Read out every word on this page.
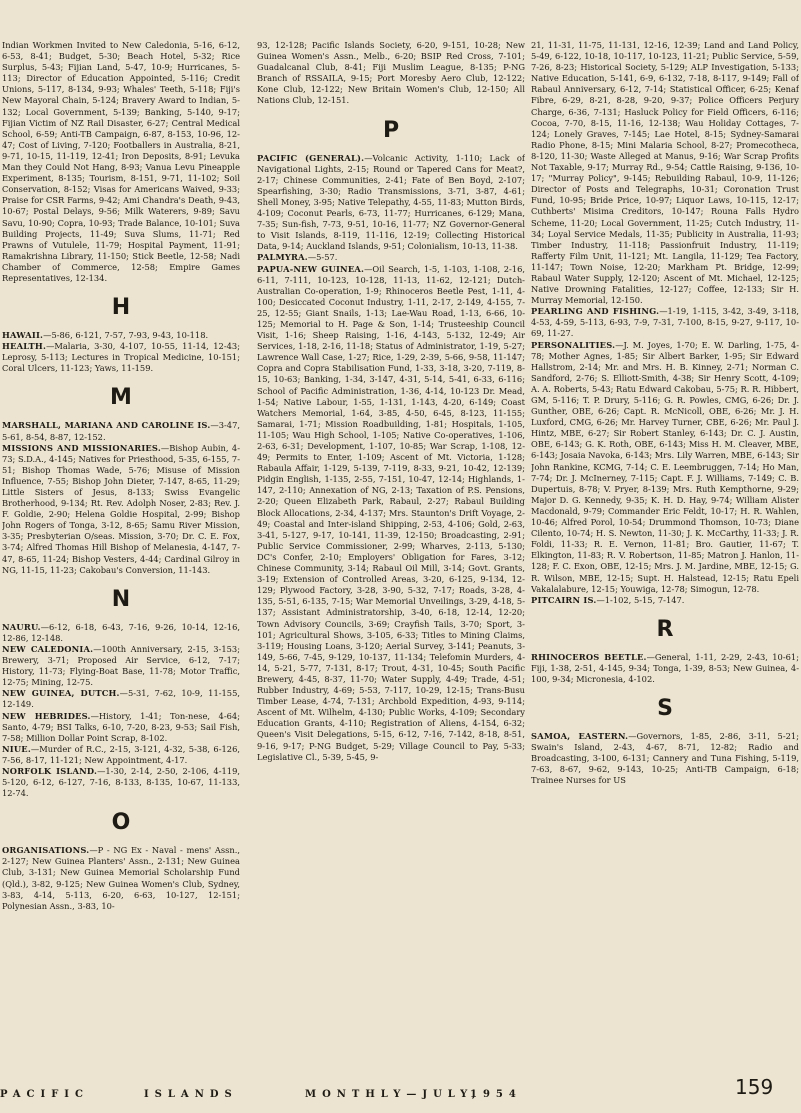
Indian Workmen Invited to New Caledonia, 5-16, 6-12, 6-53, 8-41; Budget, 5-30; Beach Hotel, 5-32; Rice Surplus, 5-43; Fijian Land, 5-47, 10-9; Hurricanes, 5-113; Director of Education Appointed, 5-116; Credit Unions, 5-117, 8-134, 9-93; Whales' Teeth, 5-118; Fiji's New Mayoral Chain, 5-124; Bravery Award to Indian, 5-132; Local Government, 5-139; Banking, 5-140, 9-17; Fijian Victim of NZ Rail Disaster, 6-27; Central Medical School, 6-59; Anti-TB Campaign, 6-87, 8-153, 10-96, 12-47; Cost of Living, 7-120; Footballers in Australia, 8-21, 9-71, 10-15, 11-119, 12-41; Iron Deposits, 8-91; Levuka Man they Could Not Hang, 8-93; Vanua Levu Pineapple Experiment, 8-135; Tourism, 8-151, 9-71, 11-102; Soil Conservation, 8-152; Visas for Americans Waived, 9-33; Praise for CSR Farms, 9-42; Ami Chandra's Death, 9-43, 10-67; Postal Delays, 9-56; Milk Waterers, 9-89; Savu Savu, 10-90; Copra, 10-93; Trade Balance, 10-101; Suva Building Projects, 11-49; Suva Slums, 11-71; Red Prawns of Vutulele, 11-79; Hospital Payment, 11-91; Ramakrishna Library, 11-150; Stick Beetle, 12-58; Nadi Chamber of Commerce, 12-58; Empire Games Representatives, 12-134.

H

HAWAII.—5-86, 6-121, 7-57, 7-93, 9-43, 10-118.

HEALTH.—Malaria, 3-30, 4-107, 10-55, 11-14, 12-43; Leprosy, 5-113; Lectures in Tropical Medicine, 10-151; Coral Ulcers, 11-123; Yaws, 11-159.

M

MARSHALL, MARIANA AND CAROLINE IS.—3-47, 5-61, 8-54, 8-87, 12-152.

MISSIONS AND MISSIONARIES.—Bishop Aubin, 4-73; S.D.A., 4-145; Natives for Priesthood, 5-35, 6-155, 7-51; Bishop Thomas Wade, 5-76; Misuse of Mission Influence, 7-55; Bishop John Dieter, 7-147, 8-65, 11-29; Little Sisters of Jesus, 8-133; Swiss Evangelic Brotherhood, 9-134; Rt. Rev. Adolph Noser, 2-83; Rev. J. F. Goldie, 2-90; Helena Goldie Hospital, 2-99; Bishop John Rogers of Tonga, 3-12, 8-65; Samu River Mission, 3-35; Presbyterian O/seas. Mission, 3-70; Dr. C. E. Fox, 3-74; Alfred Thomas Hill Bishop of Melanesia, 4-147, 7-47, 8-65, 11-24; Bishop Vesters, 4-44; Cardinal Gilroy in NG, 11-15, 11-23; Cakobau's Conversion, 11-143.

N

NAURU.—6-12, 6-18, 6-43, 7-16, 9-26, 10-14, 12-16, 12-86, 12-148.

NEW CALEDONIA.—100th Anniversary, 2-15, 3-153; Brewery, 3-71; Proposed Air Service, 6-12, 7-17; History, 11-73; Flying-Boat Base, 11-78; Motor Traffic, 12-75; Mining, 12-75.

NEW GUINEA, DUTCH.—5-31, 7-62, 10-9, 11-155, 12-149.

NEW HEBRIDES.—History, 1-41; Ton-nese, 4-64; Santo, 4-79; BSI Talks, 6-10, 7-20, 8-23, 9-53; Sail Fish, 7-58; Million Dollar Point Scrap, 8-102.

NIUE.—Murder of R.C., 2-15, 3-121, 4-32, 5-38, 6-126, 7-56, 8-17, 11-121; New Appointment, 4-17.

NORFOLK ISLAND.—1-30, 2-14, 2-50, 2-106, 4-119, 5-120, 6-12, 6-127, 7-16, 8-133, 8-135, 10-67, 11-133, 12-74.

O

ORGANISATIONS.—P - NG Ex - Naval - mens' Assn., 2-127; New Guinea Planters' Assn., 2-131; New Guinea Club, 3-131; New Guinea Memorial Scholarship Fund (Qld.), 3-82, 9-125; New Guinea Women's Club, Sydney, 3-83, 4-14, 5-113, 6-20, 6-63, 10-127, 12-151; Polynesian Assn., 3-83, 10-

93, 12-128; Pacific Islands Society, 6-20, 9-151, 10-28; New Guinea Women's Assn., Melb., 6-20; BSIP Red Cross, 7-101; Guadalcanal Club, 8-41; Fiji Muslim League, 8-135; P-NG Branch of RSSAILA, 9-15; Port Moresby Aero Club, 12-122; Kone Club, 12-122; New Britain Women's Club, 12-150; All Nations Club, 12-151.

P

PACIFIC (GENERAL).—Volcanic Activity, 1-110; Lack of Navigational Lights, 2-15; Round or Tapered Cans for Meat?, 2-17; Chinese Communities, 2-41; Fate of Ben Boyd, 2-107; Spearfishing, 3-30; Radio Transmissions, 3-71, 3-87, 4-61; Shell Money, 3-95; Native Telepathy, 4-55, 11-83; Mutton Birds, 4-109; Coconut Pearls, 6-73, 11-77; Hurricanes, 6-129; Mana, 7-35; Sun-fish, 7-73, 9-51, 10-16, 11-77; NZ Governor-General to Visit Islands, 8-119, 11-116, 12-19; Collecting Historical Data, 9-14; Auckland Islands, 9-51; Colonialism, 10-13, 11-38.

PALMYRA.—5-57.

PAPUA-NEW GUINEA.—Oil Search, 1-5, 1-103, 1-108, 2-16, 6-11, 7-111, 10-123, 10-128, 11-13, 11-62, 12-121; Dutch-Australian Co-operation, 1-9; Rhinoceros Beetle Pest, 1-11, 4-100; Desiccated Coconut Industry, 1-11, 2-17, 2-149, 4-155, 7-25, 12-55; Giant Snails, 1-13; Lae-Wau Road, 1-13, 6-66, 10-125; Memorial to H. Page & Son, 1-14; Trusteeship Council Visit, 1-16; Sheep Raising, 1-16, 4-143, 5-132, 12-49; Air Services, 1-18, 2-16, 11-18; Status of Administrator, 1-19, 5-27; Lawrence Wall Case, 1-27; Rice, 1-29, 2-39, 5-66, 9-58, 11-147; Copra and Copra Stabilisation Fund, 1-33, 3-18, 3-20, 7-119, 8-15, 10-63; Banking, 1-34, 3-147, 4-31, 5-14, 5-41, 6-33, 6-116; School of Pacific Administration, 1-36, 4-14, 10-123 Dr. Mead, 1-54; Native Labour, 1-55, 1-131, 1-143, 4-20, 6-149; Coast Watchers Memorial, 1-64, 3-85, 4-50, 6-45, 8-123, 11-155; Samarai, 1-71; Mission Roadbuilding, 1-81; Hospitals, 1-105, 11-105; Wau High School, 1-105; Native Co-operatives, 1-106, 2-63, 6-31; Development, 1-107, 10-85; War Scrap, 1-108, 12-49; Permits to Enter, 1-109; Ascent of Mt. Victoria, 1-128; Rabaula Affair, 1-129, 5-139, 7-119, 8-33, 9-21, 10-42, 12-139; Pidgin English, 1-135, 2-55, 7-151, 10-47, 12-14; Highlands, 1-147, 2-110; Annexation of NG, 2-13; Taxation of P.S. Pensions, 2-20; Queen Elizabeth Park, Rabaul, 2-27; Rabaul Building Block Allocations, 2-34, 4-137; Mrs. Staunton's Drift Voyage, 2-49; Coastal and Inter-island Shipping, 2-53, 4-106; Gold, 2-63, 3-41, 5-127, 9-17, 10-141, 11-39, 12-150; Broadcasting, 2-91; Public Service Commissioner, 2-99; Wharves, 2-113, 5-130; DC's Confer, 2-10; Employers' Obligation for Fares, 3-12; Chinese Community, 3-14; Rabaul Oil Mill, 3-14; Govt. Grants, 3-19; Extension of Controlled Areas, 3-20, 6-125, 9-134, 12-129; Plywood Factory, 3-28, 3-90, 5-32, 7-17; Roads, 3-28, 4-135, 5-51, 6-135, 7-15; War Memorial Unveilings, 3-29, 4-18, 5-137; Assistant Administratorship, 3-40, 6-18, 12-14, 12-20; Town Advisory Councils, 3-69; Crayfish Tails, 3-70; Sport, 3-101; Agricultural Shows, 3-105, 6-33; Titles to Mining Claims, 3-119; Housing Loans, 3-120; Aerial Survey, 3-141; Peanuts, 3-149, 5-66, 7-45, 9-129, 10-137, 11-134; Telefomin Murders, 4-14, 5-21, 5-77, 7-131, 8-17; Trout, 4-31, 10-45; South Pacific Brewery, 4-45, 8-37, 11-70; Water Supply, 4-49; Trade, 4-51; Rubber Industry, 4-69; 5-53, 7-117, 10-29, 12-15; Trans-Busu Timber Lease, 4-74, 7-131; Archbold Expedition, 4-93, 9-114; Ascent of Mt. Wilhelm, 4-130; Public Works, 4-109; Secondary Education Grants, 4-110; Registration of Aliens, 4-154, 6-32; Queen's Visit Delegations, 5-15, 6-12, 7-16, 7-142, 8-18, 8-51, 9-16, 9-17; P-NG Budget, 5-29; Village Council to Pay, 5-33; Legislative Cl., 5-39, 5-45, 9-

21, 11-31, 11-75, 11-131, 12-16, 12-39; Land and Land Policy, 5-49, 6-122, 10-18, 10-117, 10-123, 11-21; Public Service, 5-59, 7-26, 8-23; Historical Society, 5-129; ALP Investigation, 5-133; Native Education, 5-141, 6-9, 6-132, 7-18, 8-117, 9-149; Fall of Rabaul Anniversary, 6-12, 7-14; Statistical Officer, 6-25; Kenaf Fibre, 6-29, 8-21, 8-28, 9-20, 9-37; Police Officers Perjury Charge, 6-36, 7-131; Hasluck Policy for Field Officers, 6-116; Cocoa, 7-70, 8-15, 11-16, 12-138; Wau Holiday Cottages, 7-124; Lonely Graves, 7-145; Lae Hotel, 8-15; Sydney-Samarai Radio Phone, 8-15; Mini Malaria School, 8-27; Promecotheca, 8-120, 11-30; Waste Alleged at Manus, 9-16; War Scrap Profits Not Taxable, 9-17; Murray Rd., 9-54; Cattle Raising, 9-136, 10-17; "Murray Policy", 9-145; Rebuilding Rabaul, 10-9, 11-126; Director of Posts and Telegraphs, 10-31; Coronation Trust Fund, 10-95; Bride Price, 10-97; Liquor Laws, 10-115, 12-17; Cuthberts' Misima Creditors, 10-147; Rouna Falls Hydro Scheme, 11-20; Local Government, 11-25; Cutch Industry, 11-34; Loyal Service Medals, 11-35; Publicity in Australia, 11-93; Timber Industry, 11-118; Passionfruit Industry, 11-119; Rafferty Film Unit, 11-121; Mt. Langila, 11-129; Tea Factory, 11-147; Town Noise, 12-20; Markham Pt. Bridge, 12-99; Rabaul Water Supply, 12-120; Ascent of Mt. Michael, 12-125; Native Drowning Fatalities, 12-127; Coffee, 12-133; Sir H. Murray Memorial, 12-150.

PEARLING AND FISHING.—1-19, 1-115, 3-42, 3-49, 3-118, 4-53, 4-59, 5-113, 6-93, 7-9, 7-31, 7-100, 8-15, 9-27, 9-117, 10-69, 11-27.

PERSONALITIES.—J. M. Joyes, 1-70; E. W. Darling, 1-75, 4-78; Mother Agnes, 1-85; Sir Albert Barker, 1-95; Sir Edward Hallstrom, 2-14; Mr. and Mrs. H. B. Kinney, 2-71; Norman C. Sandford, 2-76; S. Elliott-Smith, 4-38; Sir Henry Scott, 4-109; A. A. Roberts, 5-43; Ratu Edward Cakobau, 5-75; R. R. Hibbert, GM, 5-116; T. P. Drury, 5-116; G. R. Powles, CMG, 6-26; Dr. J. Gunther, OBE, 6-26; Capt. R. McNicoll, OBE, 6-26; Mr. J. H. Luxford, CMG, 6-26; Mr. Harvey Turner, CBE, 6-26; Mr. Paul J. Hintz, MBE, 6-27; Sir Robert Stanley, 6-143; Dr. C. J. Austin, OBE, 6-143; G. K. Roth, OBE, 6-143; Miss H. M. Cleaver, MBE, 6-143; Josaia Navoka, 6-143; Mrs. Lily Warren, MBE, 6-143; Sir John Rankine, KCMG, 7-14; C. E. Leembruggen, 7-14; Ho Man, 7-74; Dr. J. McInerney, 7-115; Capt. F. J. Williams, 7-149; C. B. Dupertuis, 8-78; V. Pryer, 8-139; Mrs. Ruth Kempthorne, 9-29; Major D. G. Kennedy, 9-35; K. H. D. Hay, 9-74; William Alister Macdonald, 9-79; Commander Eric Feldt, 10-17; H. R. Wahlen, 10-46; Alfred Porol, 10-54; Drummond Thomson, 10-73; Diane Cilento, 10-74; H. S. Newton, 11-30; J. K. McCarthy, 11-33; J. R. Foldi, 11-33; R. E. Vernon, 11-81; Bro. Gautier, 11-67; T. Elkington, 11-83; R. V. Robertson, 11-85; Matron J. Hanlon, 11-128; F. C. Exon, OBE, 12-15; Mrs. J. M. Jardine, MBE, 12-15; G. R. Wilson, MBE, 12-15; Supt. H. Halstead, 12-15; Ratu Epeli Vakalalabure, 12-15; Youwiga, 12-78; Simogun, 12-78.

PITCAIRN IS.—1-102, 5-15, 7-147.

R

RHINOCEROS BEETLE.—General, 1-11, 2-29, 2-43, 10-61; Fiji, 1-38, 2-51, 4-145, 9-34; Tonga, 1-39, 8-53; New Guinea, 4-100, 9-34; Micronesia, 4-102.

S

SAMOA, EASTERN.—Governors, 1-85, 2-86, 3-11, 5-21; Swain's Island, 2-43, 4-67, 8-71, 12-82; Radio and Broadcasting, 3-100, 6-131; Cannery and Tuna Fishing, 5-119, 7-63, 8-67, 9-62, 9-143, 10-25; Anti-TB Campaign, 6-18; Trainee Nurses for US

159
PACIFIC	ISLANDS	MONTHLY—JULY,
1954
